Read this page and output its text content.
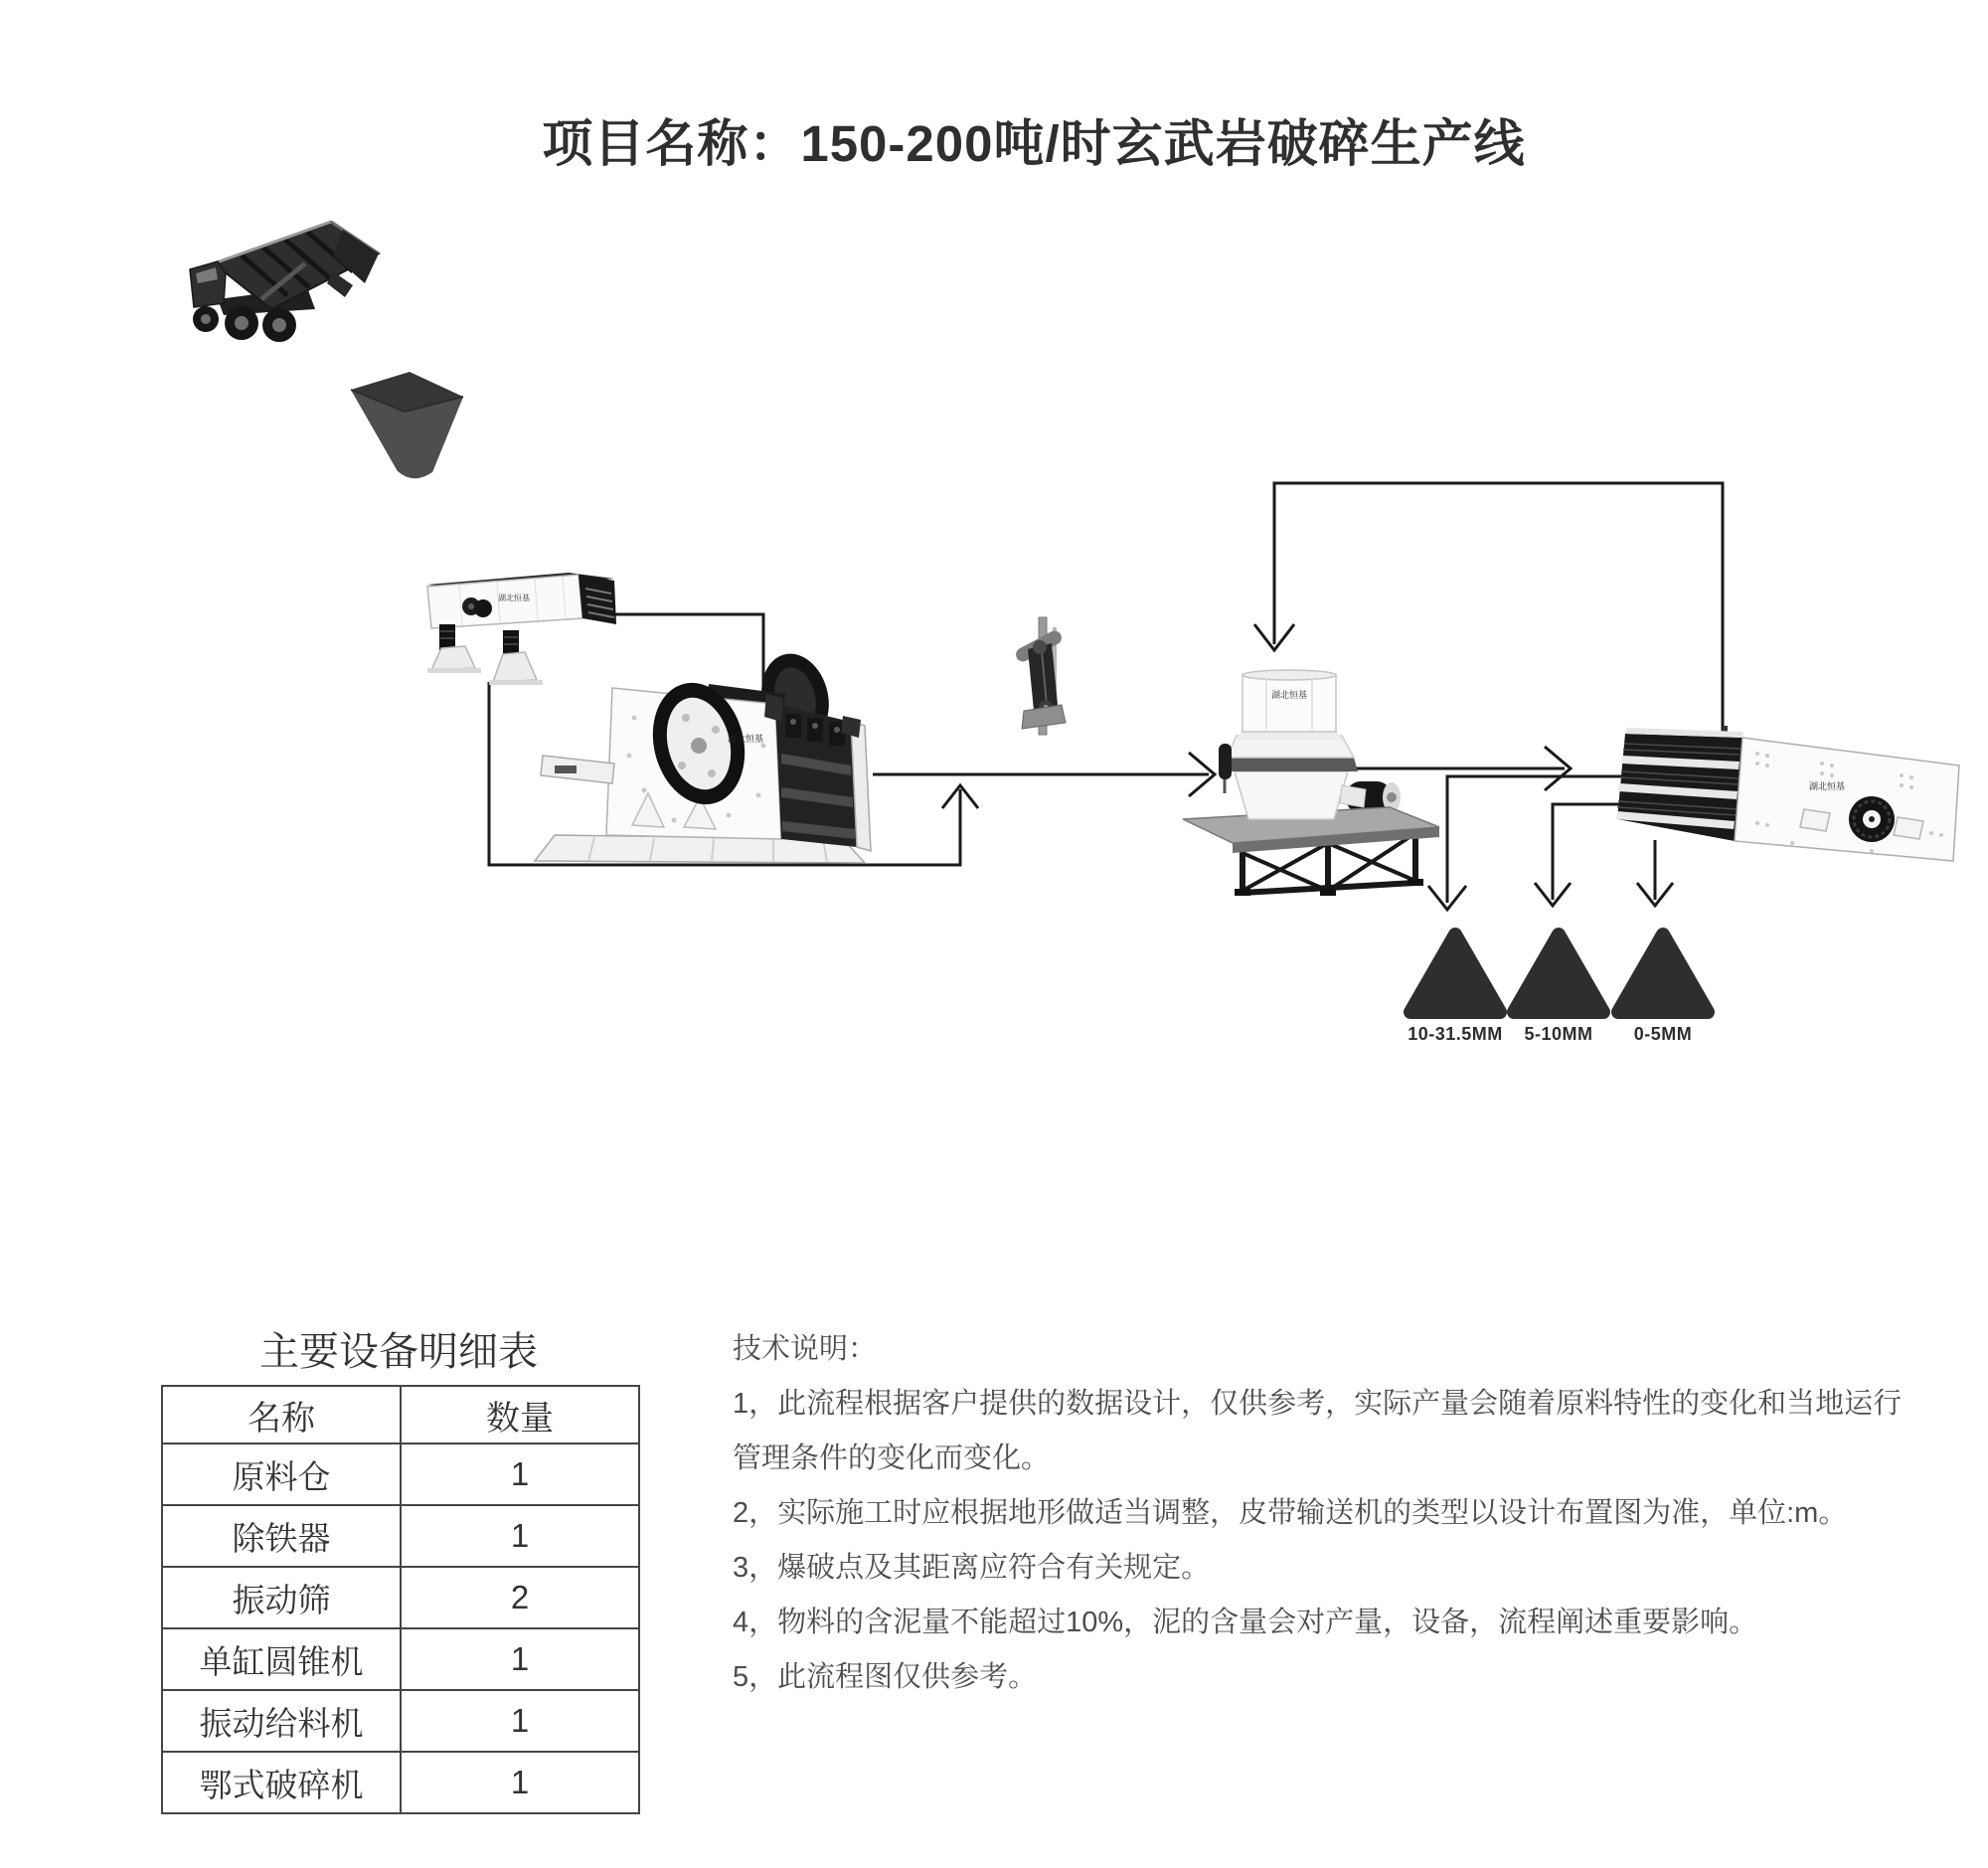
项目名称：150-200吨/时玄武岩破碎生产线
湖北恒基
湖北恒基
湖北恒基
湖北恒基
10-31.5MM	5-10MM	0-5MM
主要设备明细表
名称	数量
原料仓	1
除铁器	1
振动筛	2
单缸圆锥机	1
振动给料机	1
鄂式破碎机	1

技术说明：

1，此流程根据客户提供的数据设计，仅供参考，实际产量会随着原料特性的变化和当地运行管理条件的变化而变化。

2，实际施工时应根据地形做适当调整，皮带输送机的类型以设计布置图为准，单位:m。

3，爆破点及其距离应符合有关规定。

4，物料的含泥量不能超过10%，泥的含量会对产量，设备，流程阐述重要影响。

5，此流程图仅供参考。
